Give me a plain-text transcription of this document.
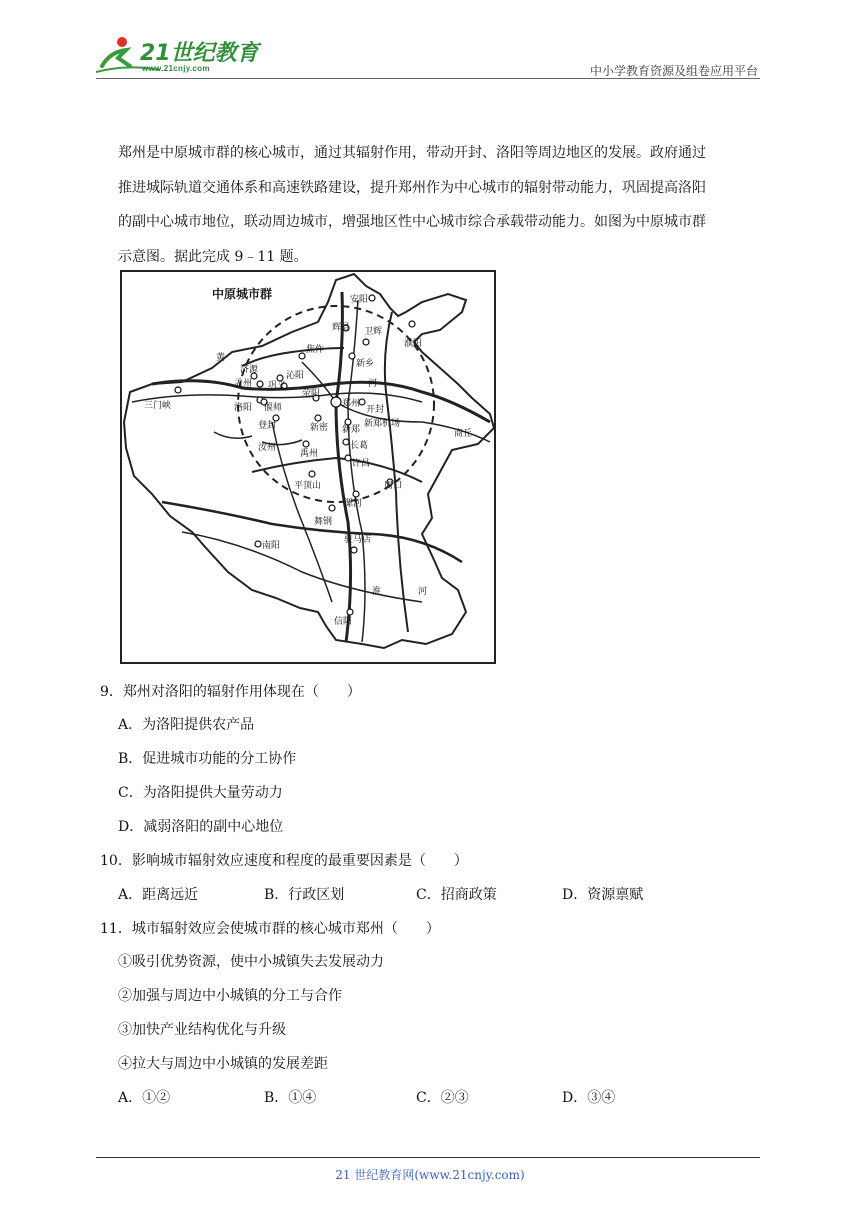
21世纪教育
www.21cnjy.com	中小学教育资源及组卷应用平台
郑州是中原城市群的核心城市，通过其辐射作用，带动开封、洛阳等周边地区的发展。政府通过
推进城际轨道交通体系和高速铁路建设，提升郑州作为中心城市的辐射带动能力，巩固提高洛阳
的副中心城市地位，联动周边城市，增强地区性中心城市综合承载带动能力。如图为中原城市群
示意图。据此完成 9﹣11 题。
中原城市群	安阳
辉县 卫辉
濮阳
焦作
新乡
济源
沁阳
孟州 巩义	河
三门峡	洛阳 偃师
荥阳
郑州
开封
登封	新密 新郑
新郑机场
商丘
汝州
禹州
长葛
许昌
平顶山	周口
漯河
舞钢
南阳
驻马店
淮	河
信阳
黄
9．郑州对洛阳的辐射作用体现在（　　）
A．为洛阳提供农产品
B．促进城市功能的分工协作
C．为洛阳提供大量劳动力
D．减弱洛阳的副中心地位
10．影响城市辐射效应速度和程度的最重要因素是（　　）
A．距离远近	B．行政区划	C．招商政策	D．资源禀赋
11．城市辐射效应会使城市群的核心城市郑州（　　）
①吸引优势资源，使中小城镇失去发展动力
②加强与周边中小城镇的分工与合作
③加快产业结构优化与升级
④拉大与周边中小城镇的发展差距
A．①②	B．①④	C．②③	D．③④
21 世纪教育网(www.21cnjy.com)
